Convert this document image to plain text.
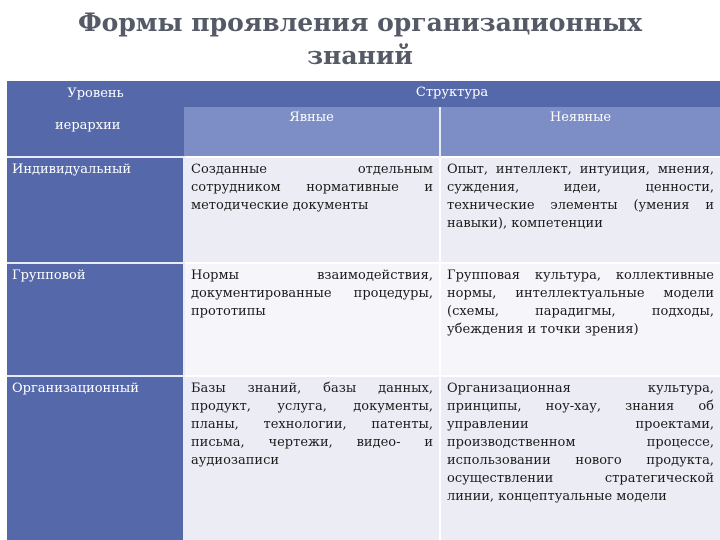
Формы проявления организационных
знаний
Уровень
иерархии	Структура	

	Явные	Неявные

Индивидуальный	Созданные отдельным сотрудником нормативные и методические документы	Опыт, интеллект, интуиция, мнения, суждения, идеи, ценности, технические элементы (умения и навыки), компетенции

Групповой	Нормы взаимодействия, документированные процедуры, прототипы	Групповая культура, коллективные нормы, интеллектуальные модели (схемы, парадигмы, подходы, убеждения и точки зрения)

Организационный	Базы знаний, базы данных, продукт, услуга, документы, планы, технологии, патенты, письма, чертежи, видео- и аудиозаписи	Организационная культура, принципы, ноу-хау, знания об управлении проектами, производственном процессе, использовании нового продукта, осуществлении стратегической линии, концептуальные модели
